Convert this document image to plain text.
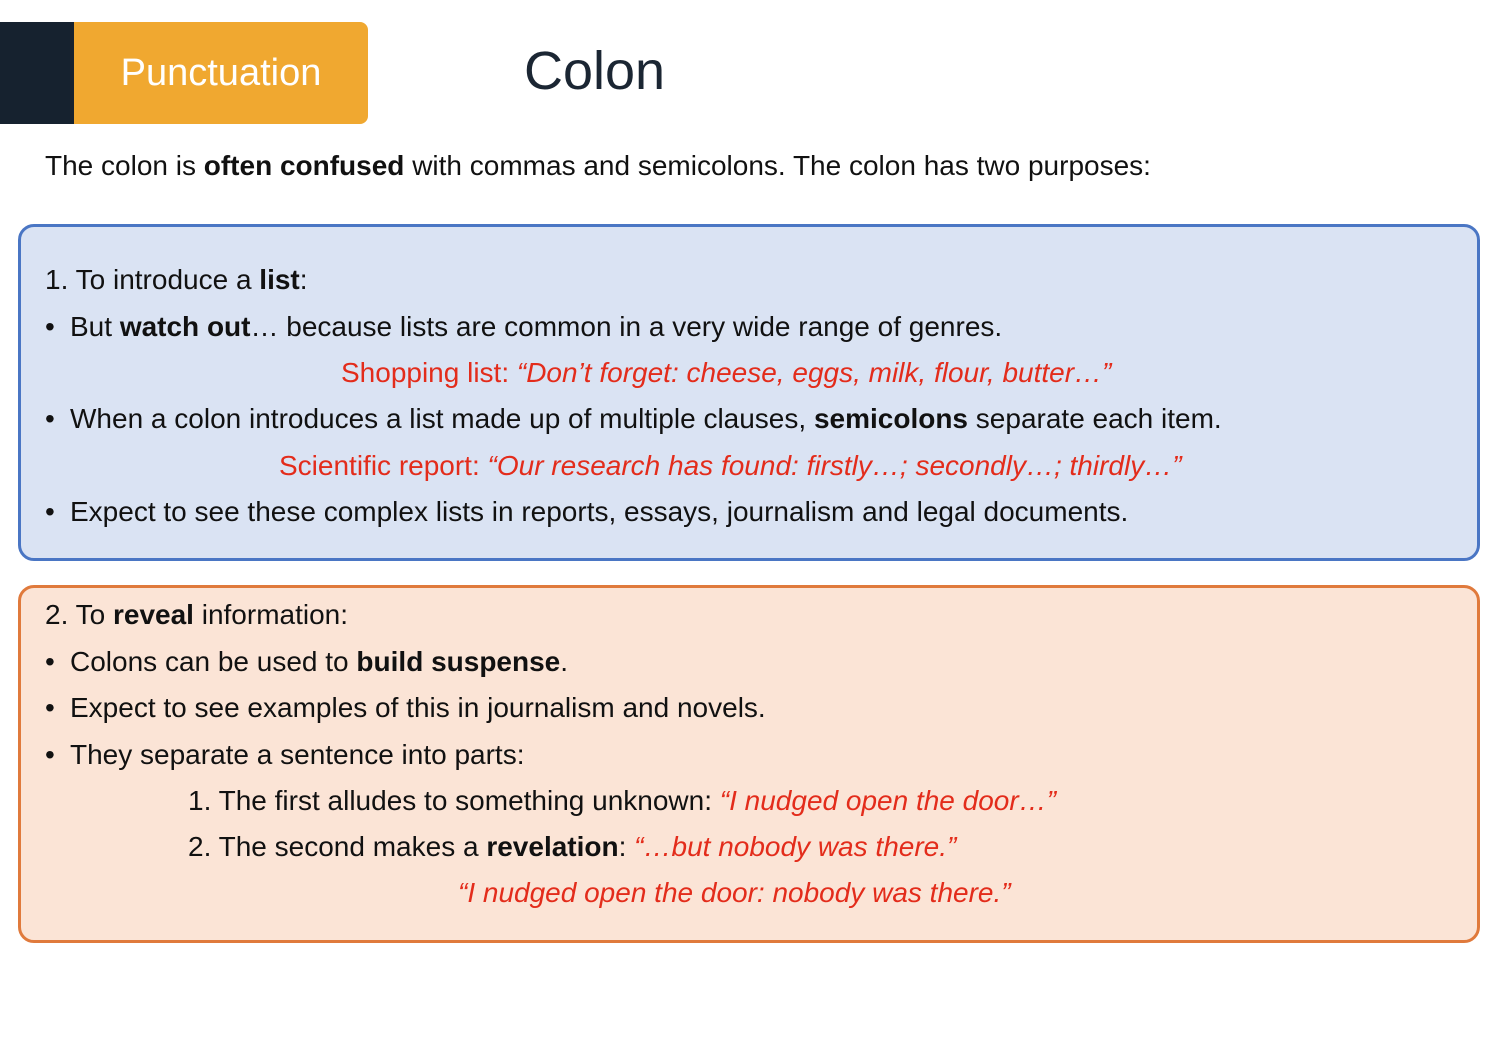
Punctuation	Colon
The colon is often confused with commas and semicolons. The colon has two purposes:
1. To introduce a list:
• But watch out… because lists are common in a very wide range of genres.
Shopping list: “Don’t forget: cheese, eggs, milk, flour, butter…”
• When a colon introduces a list made up of multiple clauses, semicolons separate each item.
Scientific report: “Our research has found: firstly…; secondly…; thirdly…”
• Expect to see these complex lists in reports, essays, journalism and legal documents.
2. To reveal information:
• Colons can be used to build suspense.
• Expect to see examples of this in journalism and novels.
• They separate a sentence into parts:
1. The first alludes to something unknown: “I nudged open the door…”
2. The second makes a revelation: “…but nobody was there.”
“I nudged open the door: nobody was there.”
